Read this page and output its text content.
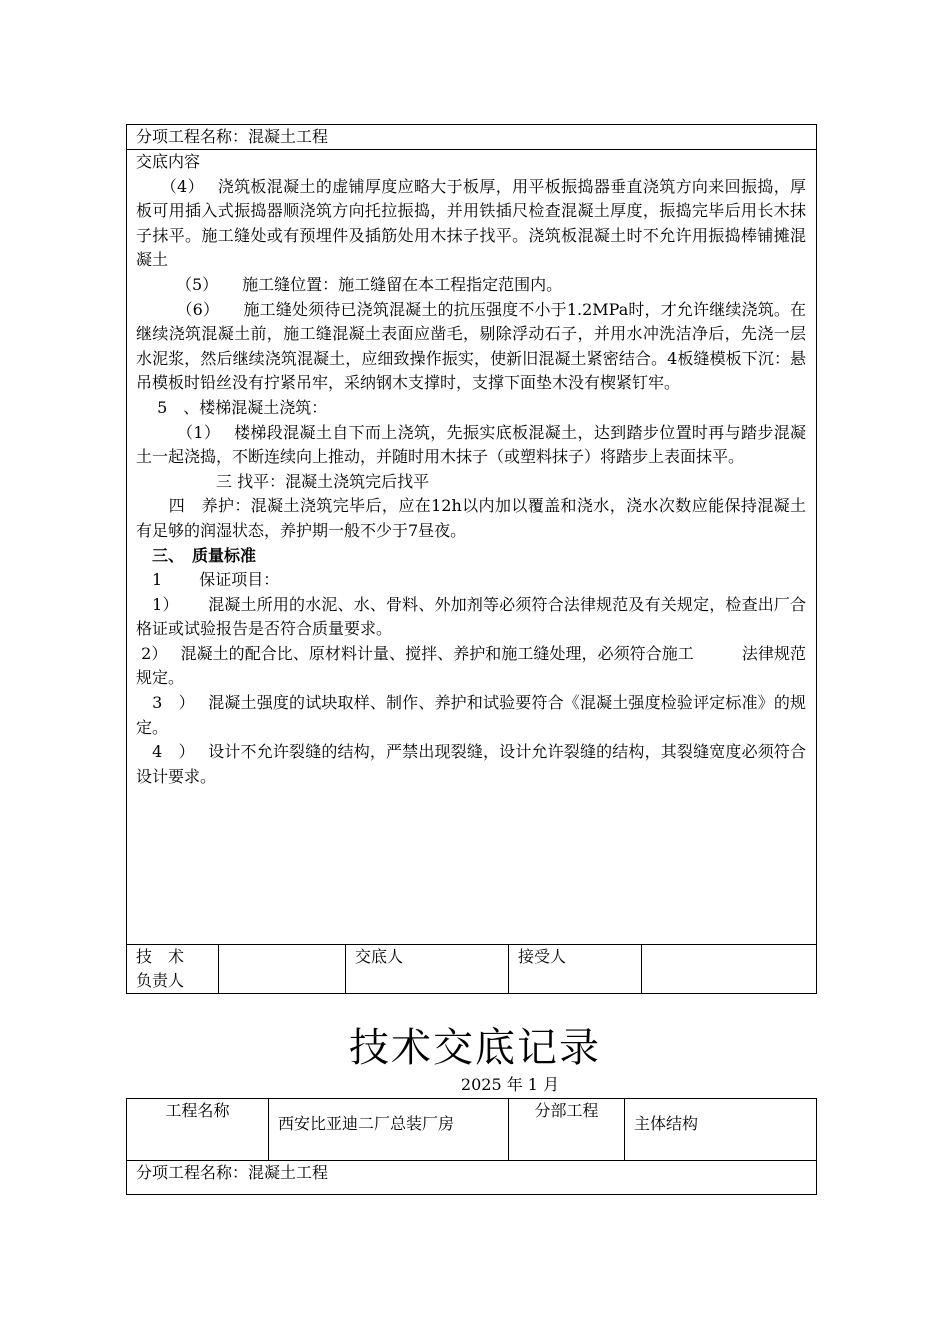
分项工程名称：混凝土工程

交底内容

　　（4）　 浇筑板混凝土的虚铺厚度应略大于板厚，用平板振捣器垂直浇筑方向来回振捣，厚板可用插入式振捣器顺浇筑方向托拉振捣，并用铁插尺检查混凝土厚度，振捣完毕后用长木抹子抹平。施工缝处或有预埋件及插筋处用木抹子找平。浇筑板混凝土时不允许用振捣棒铺摊混凝土

　　　（5）　　施工缝位置：施工缝留在本工程指定范围内。

　　　（6）　　施工缝处须待已浇筑混凝土的抗压强度不小于1.2MPa时，才允许继续浇筑。在继续浇筑混凝土前，施工缝混凝土表面应凿毛，剔除浮动石子，并用水冲洗洁净后，先浇一层水泥浆，然后继续浇筑混凝土，应细致操作振实，使新旧混凝土紧密结合。4板缝模板下沉：悬吊模板时铅丝没有拧紧吊牢，采纳钢木支撑时，支撑下面垫木没有楔紧钉牢。

　 5　、楼梯混凝土浇筑：

　　　（1）　 楼梯段混凝土自下而上浇筑，先振实底板混凝土，达到踏步位置时再与踏步混凝土一起浇捣，不断连续向上推动，并随时用木抹子（或塑料抹子）将踏步上表面抹平。

　　　　　三 找平：混凝土浇筑完后找平

　　四　养护：混凝土浇筑完毕后，应在12h以内加以覆盖和浇水，浇水次数应能保持混凝土有足够的润湿状态，养护期一般不少于7昼夜。

　三、　质量标准

　1　　 保证项目：

　1）　　 混凝土所用的水泥、水、骨料、外加剂等必须符合法律规范及有关规定，检查出厂合格证或试验报告是否符合质量要求。

2）　 混凝土的配合比、原材料计量、搅拌、养护和施工缝处理，必须符合施工　　　法律规范规定。

　3　）　 混凝土强度的试块取样、制作、养护和试验要符合《混凝土强度检验评定标准》的规定。

　4　）　 设计不允许裂缝的结构，严禁出现裂缝，设计允许裂缝的结构，其裂缝宽度必须符合设计要求。

技　术
负责人		交底人	接受人	
技术交底记录
2025 年 1 月
工程名称	西安比亚迪二厂总装厂房	分部工程	主体结构
分项工程名称：混凝土工程
